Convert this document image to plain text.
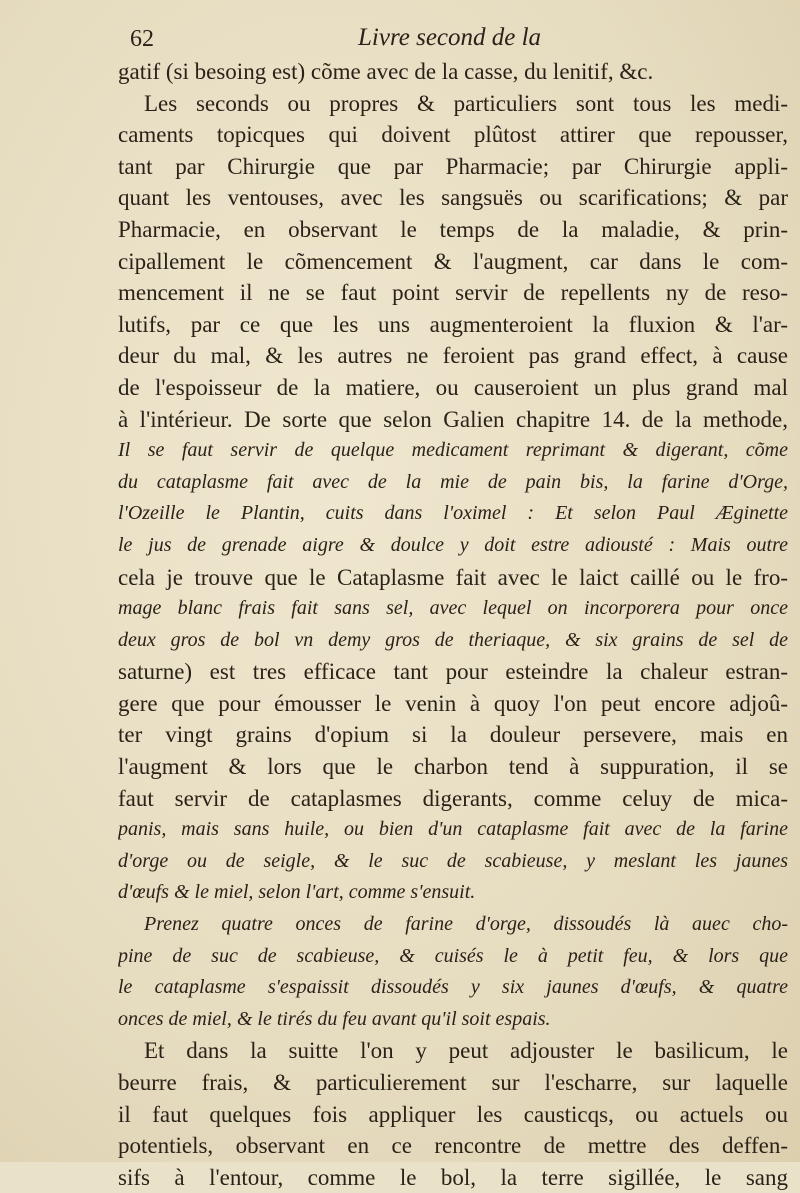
62	Livre second de la
gatif (si besoing est) cõme avec de la casse, du lenitif, &c.
Les seconds ou propres & particuliers sont tous les medi-
caments topicques qui doivent plûtost attirer que repousser,
tant par Chirurgie que par Pharmacie; par Chirurgie appli-
quant les ventouses, avec les sangsuës ou scarifications; & par
Pharmacie, en observant le temps de la maladie, & prin-
cipallement le cõmencement & l'augment, car dans le com-
mencement il ne se faut point servir de repellents ny de reso-
lutifs, par ce que les uns augmenteroient la fluxion & l'ar-
deur du mal, & les autres ne feroient pas grand effect, à cause
de l'espoisseur de la matiere, ou causeroient un plus grand mal
à l'intérieur. De sorte que selon Galien chapitre 14. de la methode,
Il se faut servir de quelque medicament reprimant & digerant, cõme
du cataplasme fait avec de la mie de pain bis, la farine d'Orge,
l'Ozeille le Plantin, cuits dans l'oximel : Et selon Paul Æginette
le jus de grenade aigre & doulce y doit estre adiousté : Mais outre
cela je trouve que le Cataplasme fait avec le laict caillé ou le fro-
mage blanc frais fait sans sel, avec lequel on incorporera pour once
deux gros de bol vn demy gros de theriaque, & six grains de sel de
saturne) est tres efficace tant pour esteindre la chaleur estran-
gere que pour émousser le venin à quoy l'on peut encore adjoû-
ter vingt grains d'opium si la douleur persevere, mais en
l'augment & lors que le charbon tend à suppuration, il se
faut servir de cataplasmes digerants, comme celuy de mica-
panis, mais sans huile, ou bien d'un cataplasme fait avec de la farine
d'orge ou de seigle, & le suc de scabieuse, y meslant les jaunes
d'œufs & le miel, selon l'art, comme s'ensuit.
Prenez quatre onces de farine d'orge, dissoudés là auec cho-
pine de suc de scabieuse, & cuisés le à petit feu, & lors que
le cataplasme s'espaissit dissoudés y six jaunes d'œufs, & quatre
onces de miel, & le tirés du feu avant qu'il soit espais.
Et dans la suitte l'on y peut adjouster le basilicum, le
beurre frais, & particulierement sur l'escharre, sur laquelle
il faut quelques fois appliquer les causticqs, ou actuels ou
potentiels, observant en ce rencontre de mettre des deffen-
sifs à l'entour, comme le bol, la terre sigillée, le sang
